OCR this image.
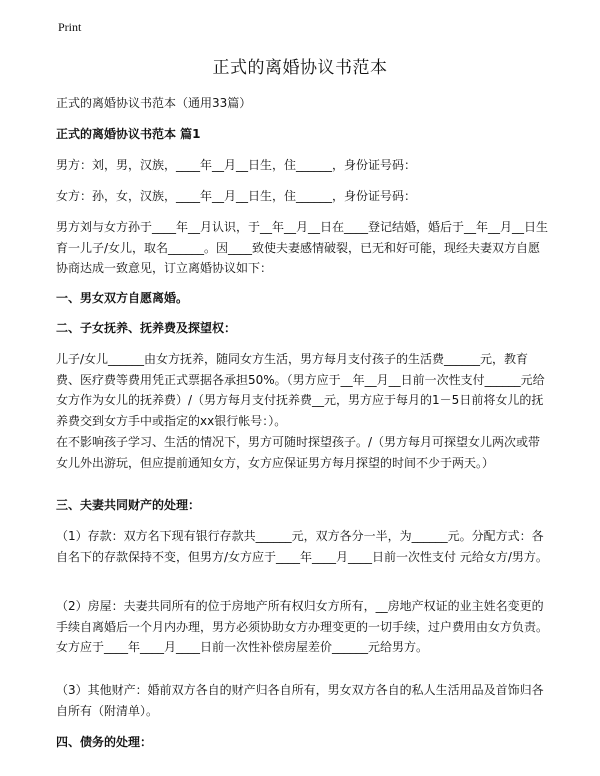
Print
正式的离婚协议书范本

正式的离婚协议书范本（通用33篇）

正式的离婚协议书范本 篇1

男方：刘，男，汉族，____年__月__日生，住______，身份证号码：

女方：孙，女，汉族，____年__月__日生，住______，身份证号码：

男方刘与女方孙于____年__月认识，于__年__月__日在____登记结婚，婚后于__年__月__日生育一儿子/女儿，取名______。因____致使夫妻感情破裂，已无和好可能，现经夫妻双方自愿协商达成一致意见，订立离婚协议如下：

一、男女双方自愿离婚。

二、子女抚养、抚养费及探望权：

儿子/女儿______由女方抚养，随同女方生活，男方每月支付孩子的生活费______元，教育费、医疗费等费用凭正式票据各承担50%。（男方应于__年__月__日前一次性支付______元给女方作为女儿的抚养费）/（男方每月支付抚养费__元，男方应于每月的1－5日前将女儿的抚养费交到女方手中或指定的xx银行帐号：）。

在不影响孩子学习、生活的情况下，男方可随时探望孩子。/（男方每月可探望女儿两次或带女儿外出游玩，但应提前通知女方，女方应保证男方每月探望的时间不少于两天。）

三、夫妻共同财产的处理：

（1）存款：双方名下现有银行存款共______元，双方各分一半，为______元。分配方式：各自名下的存款保持不变，但男方/女方应于____年____月____日前一次性支付 元给女方/男方。

（2）房屋：夫妻共同所有的位于房地产所有权归女方所有，__房地产权证的业主姓名变更的手续自离婚后一个月内办理，男方必须协助女方办理变更的一切手续，过户费用由女方负责。女方应于____年____月____日前一次性补偿房屋差价______元给男方。

（3）其他财产：婚前双方各自的财产归各自所有，男女双方各自的私人生活用品及首饰归各自所有（附清单）。

四、债务的处理：
